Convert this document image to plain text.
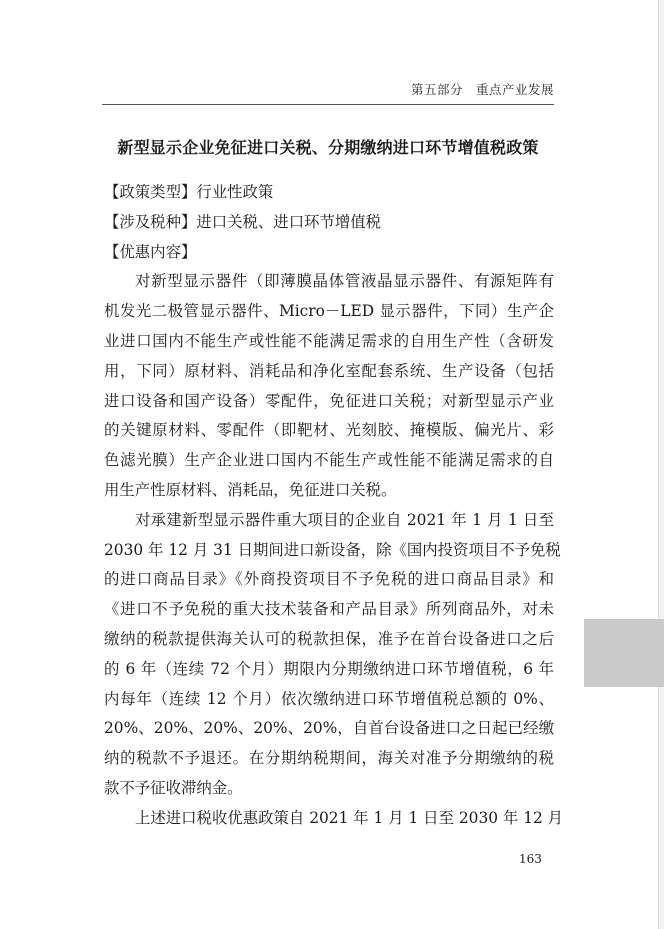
第五部分　重点产业发展
新型显示企业免征进口关税、分期缴纳进口环节增值税政策
【政策类型】行业性政策
【涉及税种】进口关税、进口环节增值税
【优惠内容】
对新型显示器件（即薄膜晶体管液晶显示器件、有源矩阵有
机发光二极管显示器件、Micro－LED 显示器件，下同）生产企
业进口国内不能生产或性能不能满足需求的自用生产性（含研发
用，下同）原材料、消耗品和净化室配套系统、生产设备（包括
进口设备和国产设备）零配件，免征进口关税；对新型显示产业
的关键原材料、零配件（即靶材、光刻胶、掩模版、偏光片、彩
色滤光膜）生产企业进口国内不能生产或性能不能满足需求的自
用生产性原材料、消耗品，免征进口关税。
对承建新型显示器件重大项目的企业自 2021 年 1 月 1 日至
2030 年 12 月 31 日期间进口新设备，除《国内投资项目不予免税
的进口商品目录》《外商投资项目不予免税的进口商品目录》和
《进口不予免税的重大技术装备和产品目录》所列商品外，对未
缴纳的税款提供海关认可的税款担保，准予在首台设备进口之后
的 6 年（连续 72 个月）期限内分期缴纳进口环节增值税，6 年
内每年（连续 12 个月）依次缴纳进口环节增值税总额的 0%、
20%、20%、20%、20%、20%，自首台设备进口之日起已经缴
纳的税款不予退还。在分期纳税期间，海关对准予分期缴纳的税
款不予征收滞纳金。
上述进口税收优惠政策自 2021 年 1 月 1 日至 2030 年 12 月
163
